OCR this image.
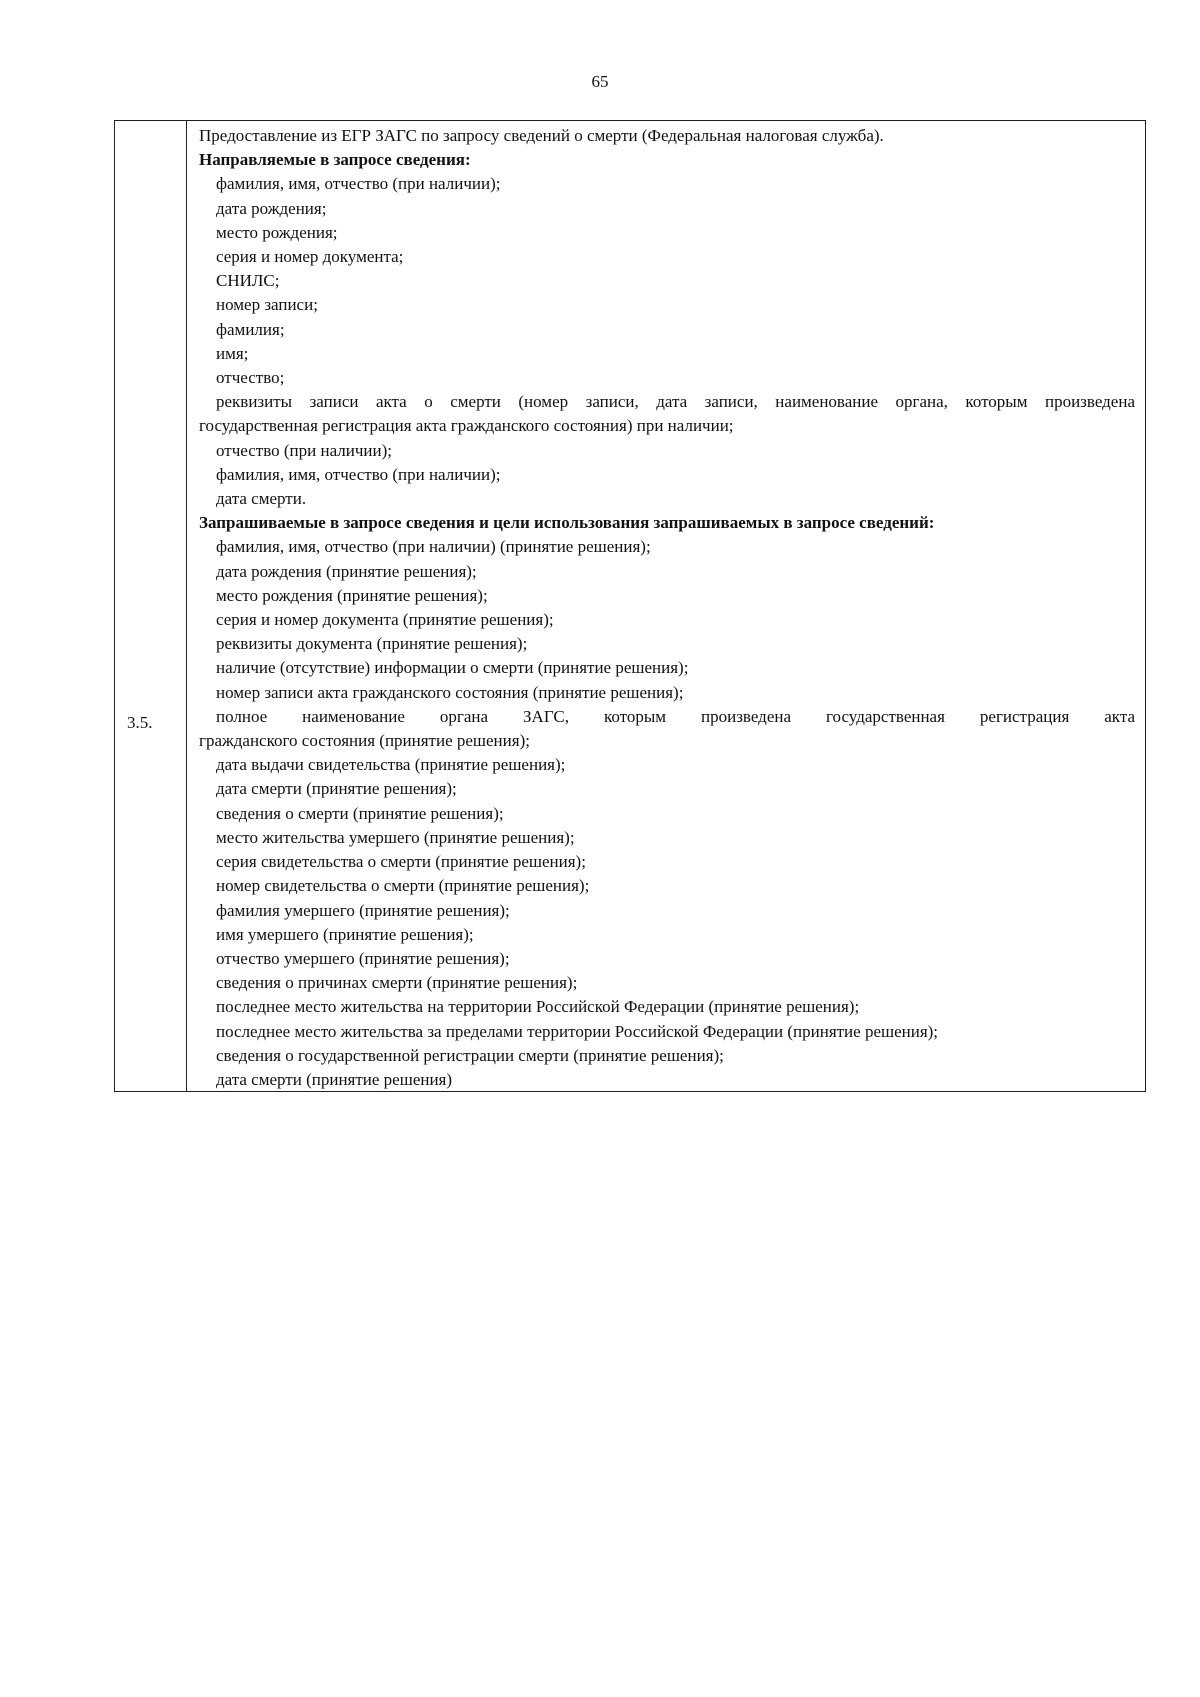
65
3.5.

Предоставление из ЕГР ЗАГС по запросу сведений о смерти (Федеральная налоговая служба).

Направляемые в запросе сведения:

фамилия, имя, отчество (при наличии);

дата рождения;

место рождения;

серия и номер документа;

СНИЛС;

номер записи;

фамилия;

имя;

отчество;

реквизиты записи акта о смерти (номер записи, дата записи, наименование органа, которым произведена

государственная регистрация акта гражданского состояния) при наличии;

отчество (при наличии);

фамилия, имя, отчество (при наличии);

дата смерти.

Запрашиваемые в запросе сведения и цели использования запрашиваемых в запросе сведений:

фамилия, имя, отчество (при наличии) (принятие решения);

дата рождения (принятие решения);

место рождения (принятие решения);

серия и номер документа (принятие решения);

реквизиты документа (принятие решения);

наличие (отсутствие) информации о смерти (принятие решения);

номер записи акта гражданского состояния (принятие решения);

полное наименование органа ЗАГС, которым произведена государственная регистрация акта

гражданского состояния (принятие решения);

дата выдачи свидетельства (принятие решения);

дата смерти (принятие решения);

сведения о смерти (принятие решения);

место жительства умершего (принятие решения);

серия свидетельства о смерти (принятие решения);

номер свидетельства о смерти (принятие решения);

фамилия умершего (принятие решения);

имя умершего (принятие решения);

отчество умершего (принятие решения);

сведения о причинах смерти (принятие решения);

последнее место жительства на территории Российской Федерации (принятие решения);

последнее место жительства за пределами территории Российской Федерации (принятие решения);

сведения о государственной регистрации смерти (принятие решения);

дата смерти (принятие решения)
